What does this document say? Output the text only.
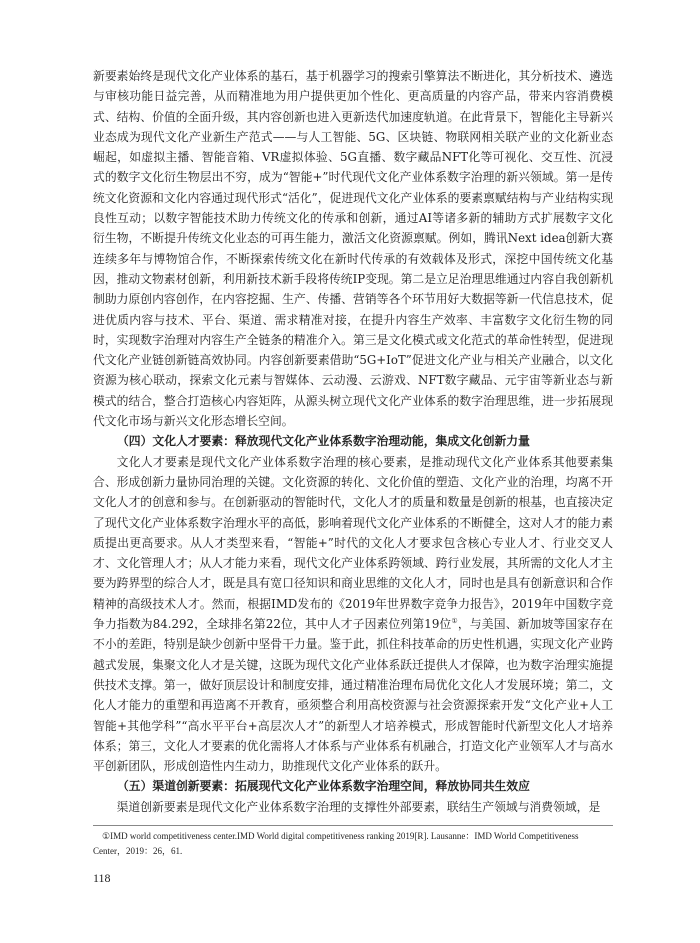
新要素始终是现代文化产业体系的基石，基于机器学习的搜索引擎算法不断进化，其分析技术、遴选与审核功能日益完善，从而精准地为用户提供更加个性化、更高质量的内容产品，带来内容消费模式、结构、价值的全面升级，其内容创新也进入更新迭代加速度轨道。在此背景下，智能化主导新兴业态成为现代文化产业新生产范式——与人工智能、5G、区块链、物联网相关联产业的文化新业态崛起，如虚拟主播、智能音箱、VR虚拟体验、5G直播、数字藏品NFT化等可视化、交互性、沉浸式的数字文化衍生物层出不穷，成为“智能+”时代现代文化产业体系数字治理的新兴领域。第一是传统文化资源和文化内容通过现代形式“活化”，促进现代文化产业体系的要素禀赋结构与产业结构实现良性互动；以数字智能技术助力传统文化的传承和创新，通过AI等诸多新的辅助方式扩展数字文化衍生物，不断提升传统文化业态的可再生能力，激活文化资源禀赋。例如，腾讯Next idea创新大赛连续多年与博物馆合作，不断探索传统文化在新时代传承的有效载体及形式，深挖中国传统文化基因，推动文物素材创新，利用新技术新手段将传统IP变现。第二是立足治理思维通过内容自我创新机制助力原创内容创作，在内容挖掘、生产、传播、营销等各个环节用好大数据等新一代信息技术，促进优质内容与技术、平台、渠道、需求精准对接，在提升内容生产效率、丰富数字文化衍生物的同时，实现数字治理对内容生产全链条的精准介入。第三是文化模式或文化范式的革命性转型，促进现代文化产业链创新链高效协同。内容创新要素借助“5G+IoT”促进文化产业与相关产业融合，以文化资源为核心联动，探索文化元素与智媒体、云动漫、云游戏、NFT数字藏品、元宇宙等新业态与新模式的结合，整合打造核心内容矩阵，从源头树立现代文化产业体系的数字治理思维，进一步拓展现代文化市场与新兴文化形态增长空间。

（四）文化人才要素：释放现代文化产业体系数字治理动能，集成文化创新力量

文化人才要素是现代文化产业体系数字治理的核心要素，是推动现代文化产业体系其他要素集合、形成创新力量协同治理的关键。文化资源的转化、文化价值的塑造、文化产业的治理，均离不开文化人才的创意和参与。在创新驱动的智能时代，文化人才的质量和数量是创新的根基，也直接决定了现代文化产业体系数字治理水平的高低，影响着现代文化产业体系的不断健全，这对人才的能力素质提出更高要求。从人才类型来看，“智能+”时代的文化人才要求包含核心专业人才、行业交叉人才、文化管理人才；从人才能力来看，现代文化产业体系跨领域、跨行业发展，其所需的文化人才主要为跨界型的综合人才，既是具有宽口径知识和商业思维的文化人才，同时也是具有创新意识和合作精神的高级技术人才。然而，根据IMD发布的《2019年世界数字竞争力报告》，2019年中国数字竞争力指数为84.292，全球排名第22位，其中人才子因素位列第19位①，与美国、新加坡等国家存在不小的差距，特别是缺少创新中坚骨干力量。鉴于此，抓住科技革命的历史性机遇，实现文化产业跨越式发展，集聚文化人才是关键，这既为现代文化产业体系跃迁提供人才保障，也为数字治理实施提供技术支撑。第一，做好顶层设计和制度安排，通过精准治理布局优化文化人才发展环境；第二，文化人才能力的重塑和再造离不开教育，亟须整合利用高校资源与社会资源探索开发“文化产业+人工智能+其他学科”“高水平平台+高层次人才”的新型人才培养模式，形成智能时代新型文化人才培养体系；第三，文化人才要素的优化需将人才体系与产业体系有机融合，打造文化产业领军人才与高水平创新团队，形成创造性内生动力，助推现代文化产业体系的跃升。

（五）渠道创新要素：拓展现代文化产业体系数字治理空间，释放协同共生效应

渠道创新要素是现代文化产业体系数字治理的支撑性外部要素，联结生产领域与消费领域，是

①IMD world competitiveness center.IMD World digital competitiveness ranking 2019[R]. Lausanne：IMD World Competitiveness Center，2019：26，61.
118
